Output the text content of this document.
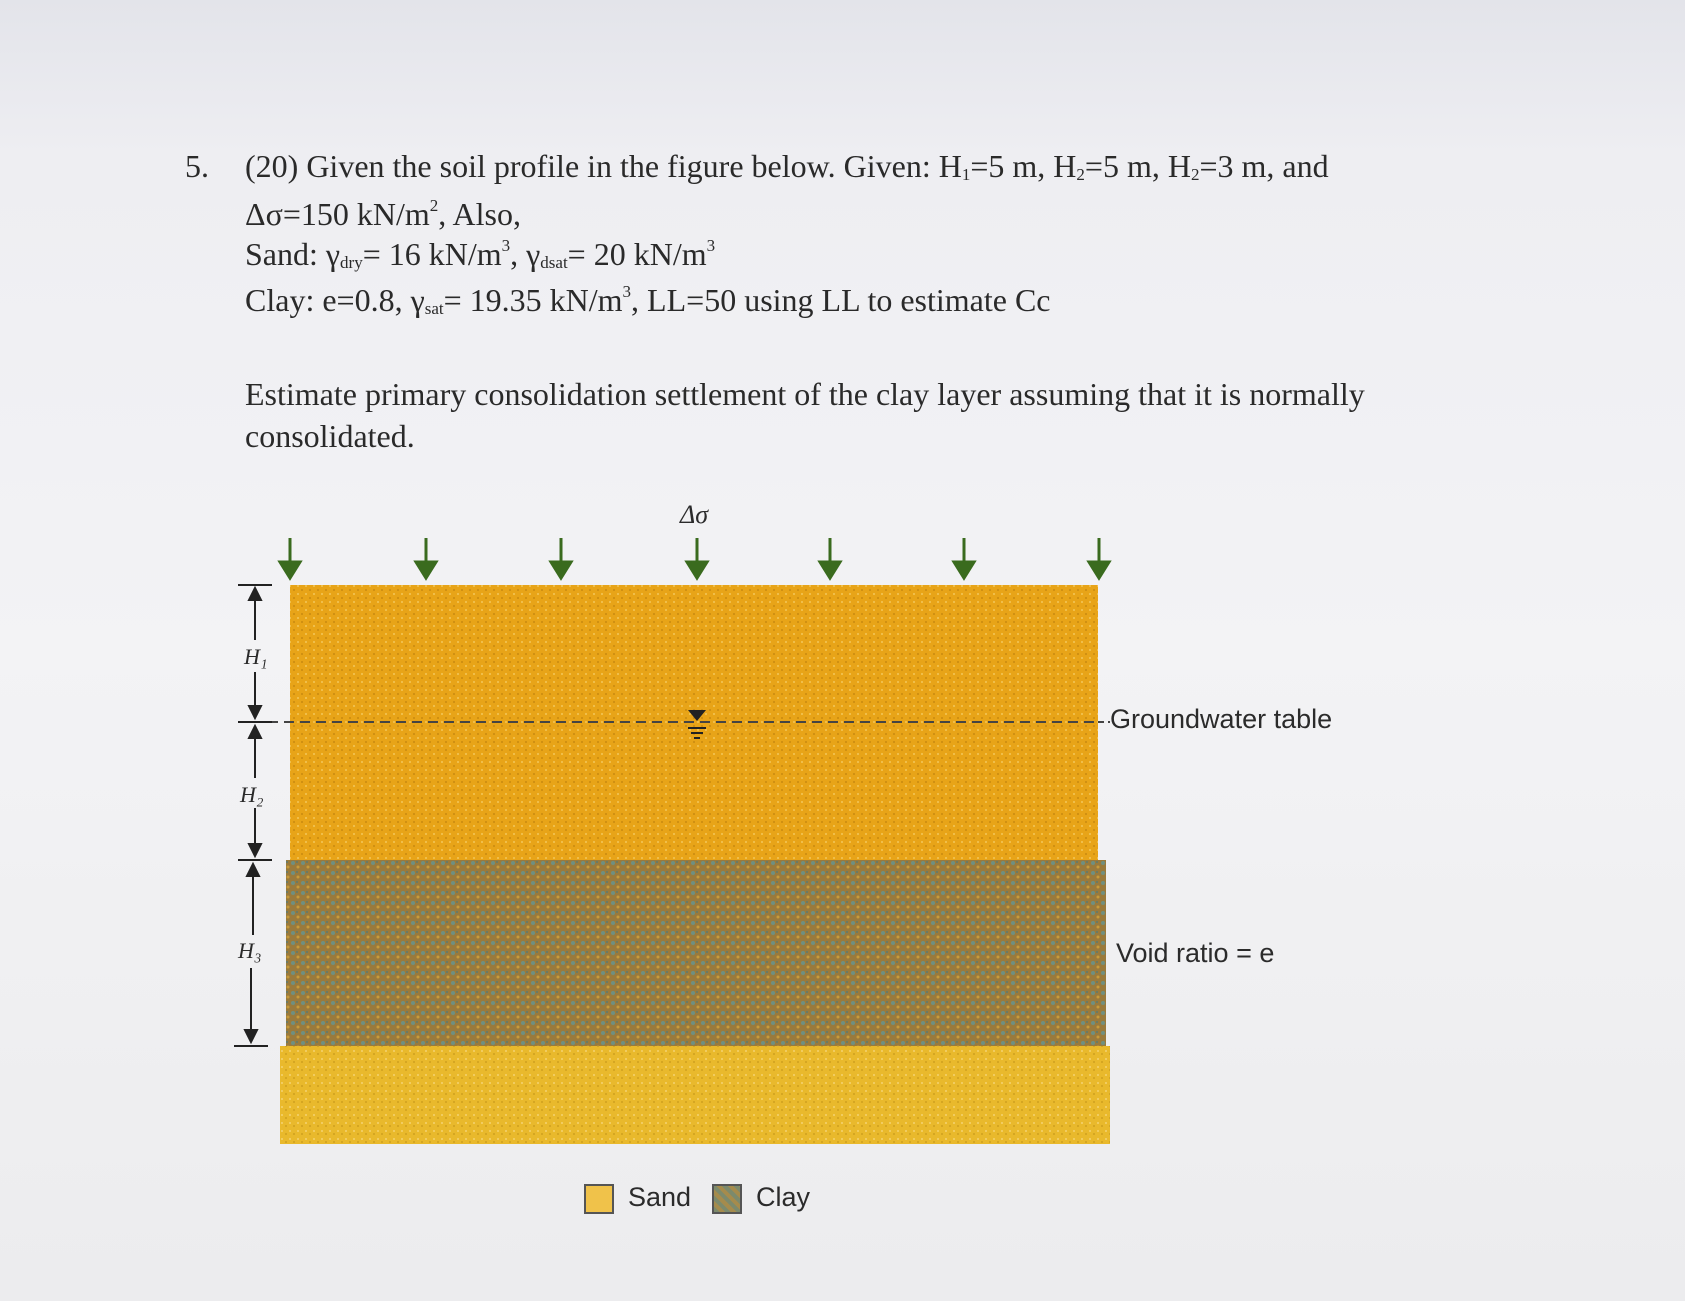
5. (20) Given the soil profile in the figure below. Given: H1=5 m, H2=5 m, H2=3 m, and
Δσ=150 $kN/m^2$, Also,
Sand: γdry= 16 $kN/m^3$, γdsat= 20 $kN/m^3$
Clay: e=0.8, γsat= 19.35 $kN/m^3$, LL=50 using LL to estimate Cc
Estimate primary consolidation settlement of the clay layer assuming that it is normally
consolidated.
Δσ
H₁
H₂
H₃
Groundwater table
Void ratio = e
Sand Clay
